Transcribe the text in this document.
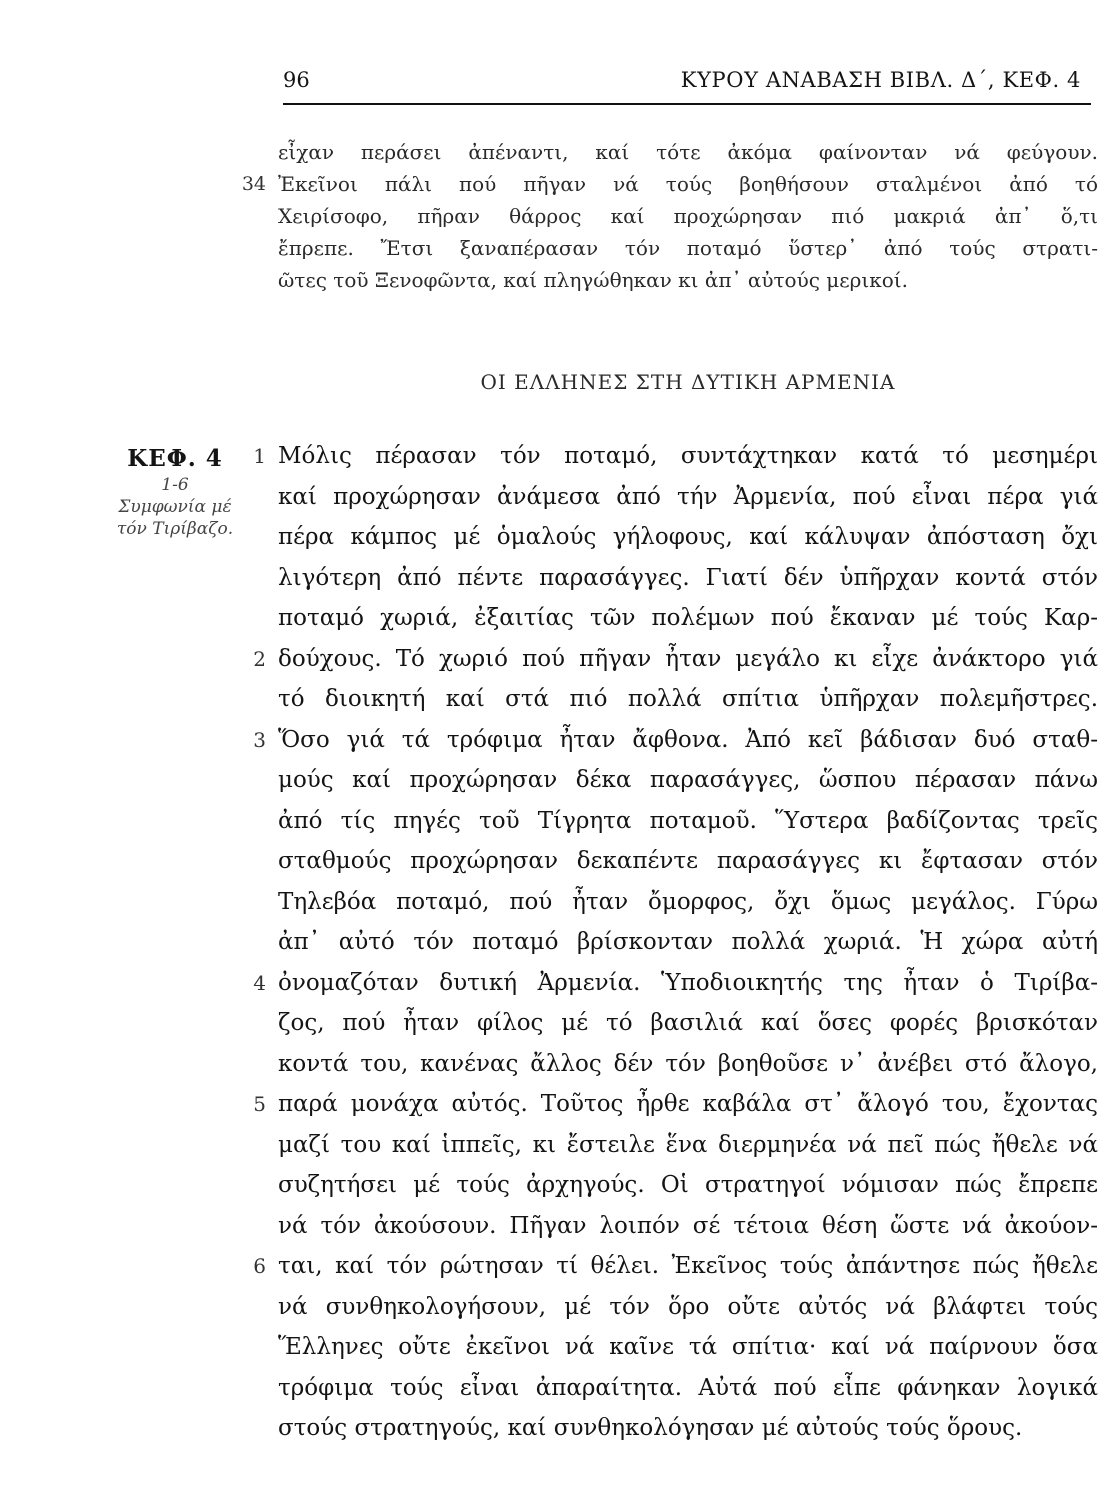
96	ΚΥΡΟΥ ΑΝΑΒΑΣΗ ΒΙΒΛ. Δ΄, ΚΕΦ. 4
εἶχαν περάσει ἀπέναντι, καί τότε ἀκόμα φαίνονταν νά φεύγουν.
34 Ἐκεῖνοι πάλι πού πῆγαν νά τούς βοηθήσουν σταλμένοι ἀπό τό
Χειρίσοφο, πῆραν θάρρος καί προχώρησαν πιό μακριά ἀπ᾽ ὅ,τι
ἔπρεπε. Ἔτσι ξαναπέρασαν τόν ποταμό ὕστερ᾽ ἀπό τούς στρατι-
ῶτες τοῦ Ξενοφῶντα, καί πληγώθηκαν κι ἀπ᾽ αὐτούς μερικοί.
ΟΙ ΕΛΛΗΝΕΣ ΣΤΗ ΔΥΤΙΚΗ ΑΡΜΕΝΙΑ
ΚΕΦ. 4
1-6
Συμφωνία μέ
τόν Τιρίβαζο.
1 Μόλις πέρασαν τόν ποταμό, συντάχτηκαν κατά τό μεσημέρι
καί προχώρησαν ἀνάμεσα ἀπό τήν Ἀρμενία, πού εἶναι πέρα γιά
πέρα κάμπος μέ ὁμαλούς γήλοφους, καί κάλυψαν ἀπόσταση ὄχι
λιγότερη ἀπό πέντε παρασάγγες. Γιατί δέν ὑπῆρχαν κοντά στόν
ποταμό χωριά, ἐξαιτίας τῶν πολέμων πού ἔκαναν μέ τούς Καρ-
2 δούχους. Τό χωριό πού πῆγαν ἦταν μεγάλο κι εἶχε ἀνάκτορο γιά
τό διοικητή καί στά πιό πολλά σπίτια ὑπῆρχαν πολεμῆστρες.
3 Ὅσο γιά τά τρόφιμα ἦταν ἄφθονα. Ἀπό κεῖ βάδισαν δυό σταθ-
μούς καί προχώρησαν δέκα παρασάγγες, ὥσπου πέρασαν πάνω
ἀπό τίς πηγές τοῦ Τίγρητα ποταμοῦ. Ὕστερα βαδίζοντας τρεῖς
σταθμούς προχώρησαν δεκαπέντε παρασάγγες κι ἔφτασαν στόν
Τηλεβόα ποταμό, πού ἦταν ὄμορφος, ὄχι ὅμως μεγάλος. Γύρω
ἀπ᾽ αὐτό τόν ποταμό βρίσκονταν πολλά χωριά. Ἡ χώρα αὐτή
4 ὀνομαζόταν δυτική Ἀρμενία. Ὑποδιοικητής της ἦταν ὁ Τιρίβα-
ζος, πού ἦταν φίλος μέ τό βασιλιά καί ὅσες φορές βρισκόταν
κοντά του, κανένας ἄλλος δέν τόν βοηθοῦσε ν᾽ ἀνέβει στό ἄλογο,
5 παρά μονάχα αὐτός. Τοῦτος ἦρθε καβάλα στ᾽ ἄλογό του, ἔχοντας
μαζί του καί ἱππεῖς, κι ἔστειλε ἕνα διερμηνέα νά πεῖ πώς ἤθελε νά
συζητήσει μέ τούς ἀρχηγούς. Οἱ στρατηγοί νόμισαν πώς ἔπρεπε
νά τόν ἀκούσουν. Πῆγαν λοιπόν σέ τέτοια θέση ὥστε νά ἀκούον-
6 ται, καί τόν ρώτησαν τί θέλει. Ἐκεῖνος τούς ἀπάντησε πώς ἤθελε
νά συνθηκολογήσουν, μέ τόν ὅρο οὔτε αὐτός νά βλάφτει τούς
Ἕλληνες οὔτε ἐκεῖνοι νά καῖνε τά σπίτια· καί νά παίρνουν ὅσα
τρόφιμα τούς εἶναι ἀπαραίτητα. Αὐτά πού εἶπε φάνηκαν λογικά
στούς στρατηγούς, καί συνθηκολόγησαν μέ αὐτούς τούς ὅρους.
